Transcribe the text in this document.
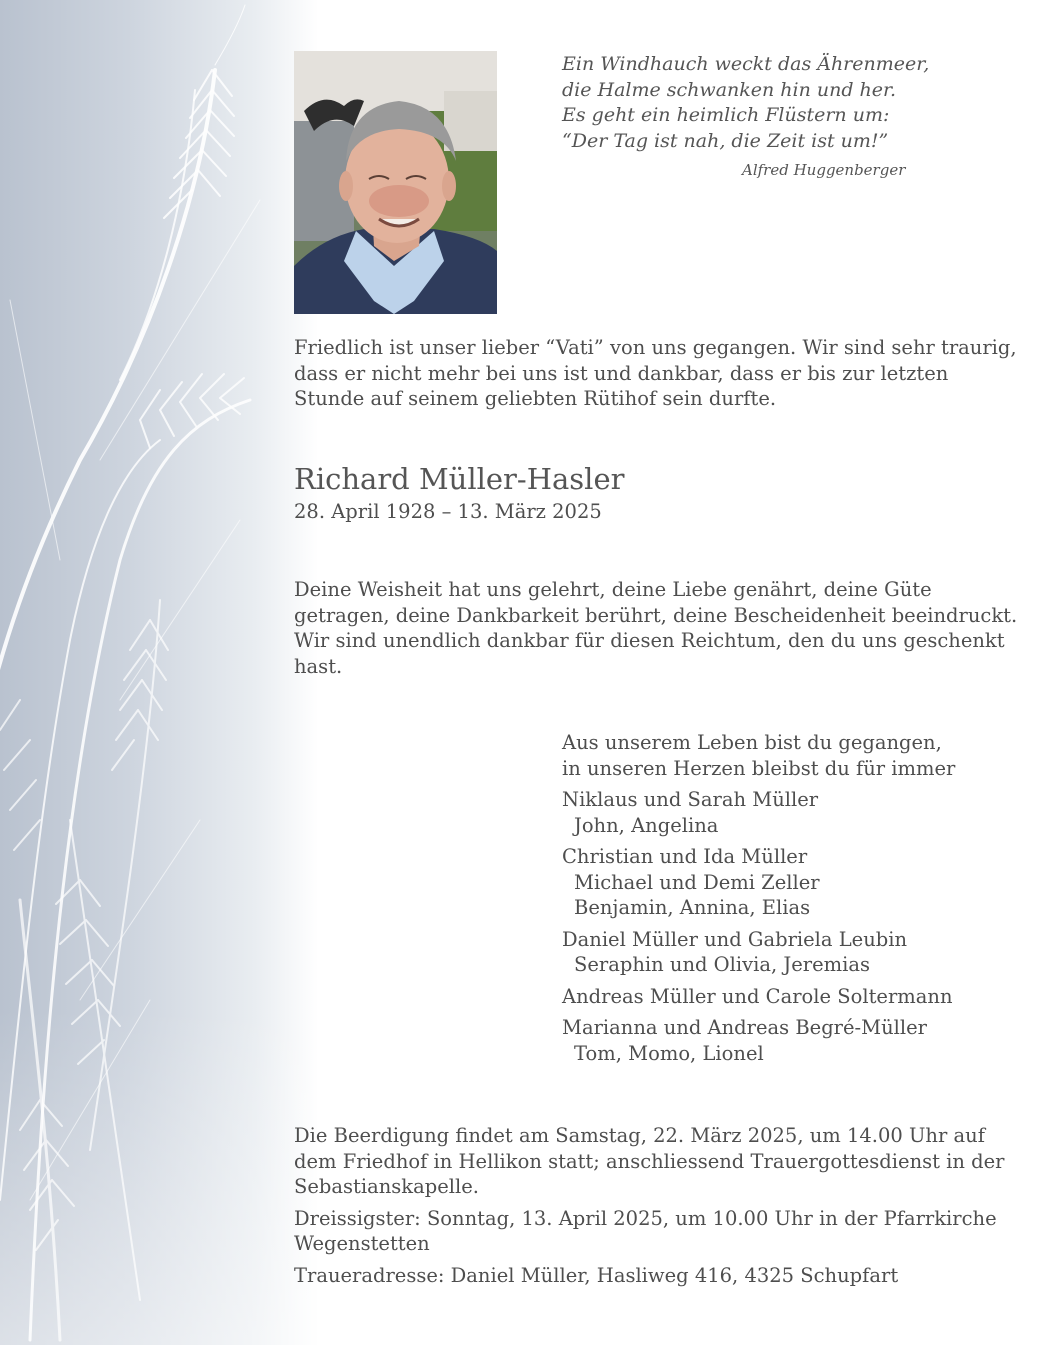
Ein Windhauch weckt das Ährenmeer,
die Halme schwanken hin und her.
Es geht ein heimlich Flüstern um:
“Der Tag ist nah, die Zeit ist um!”
Alfred Huggenberger
Friedlich ist unser lieber “Vati” von uns gegangen. Wir sind sehr traurig,
dass er nicht mehr bei uns ist und dankbar, dass er bis zur letzten
Stunde auf seinem geliebten Rütihof sein durfte.
Richard Müller-Hasler
28. April 1928 – 13. März 2025
Deine Weisheit hat uns gelehrt, deine Liebe genährt, deine Güte
getragen, deine Dankbarkeit berührt, deine Bescheidenheit beeindruckt.
Wir sind unendlich dankbar für diesen Reichtum, den du uns geschenkt
hast.
Aus unserem Leben bist du gegangen,
in unseren Herzen bleibst du für immer
Niklaus und Sarah Müller
John, Angelina
Christian und Ida Müller
Michael und Demi Zeller
Benjamin, Annina, Elias
Daniel Müller und Gabriela Leubin
Seraphin und Olivia, Jeremias
Andreas Müller und Carole Soltermann
Marianna und Andreas Begré-Müller
Tom, Momo, Lionel
Die Beerdigung findet am Samstag, 22. März 2025, um 14.00 Uhr auf
dem Friedhof in Hellikon statt; anschliessend Trauergottesdienst in der
Sebastianskapelle.
Dreissigster: Sonntag, 13. April 2025, um 10.00 Uhr in der Pfarrkirche
Wegenstetten
Traueradresse: Daniel Müller, Hasliweg 416, 4325 Schupfart
